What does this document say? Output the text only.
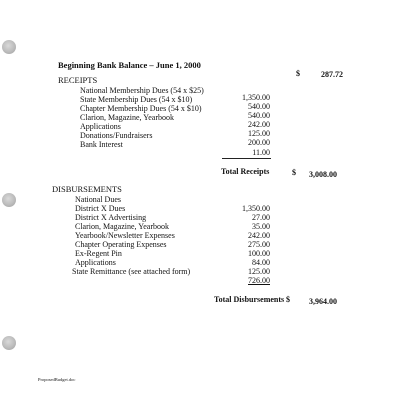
Beginning Bank Balance – June 1, 2000
$	287.72
RECEIPTS
National Membership Dues (54 x $25)
State Membership Dues (54 x $10)
Chapter Membership Dues (54 x $10)
Clarion, Magazine, Yearbook
Applications
Donations/Fundraisers
Bank Interest
1,350.00
540.00
540.00
242.00
125.00
200.00
11.00
Total Receipts	$ 3,008.00
DISBURSEMENTS
National Dues
District X Dues
District X Advertising
Clarion, Magazine, Yearbook
Yearbook/Newsletter Expenses
Chapter Operating Expenses
Ex-Regent Pin
Applications
State Remittance (see attached form)
1,350.00
27.00
35.00
242.00
275.00
100.00
84.00
125.00
726.00
Total Disbursements $ 3,964.00
ProposedBudget.doc
